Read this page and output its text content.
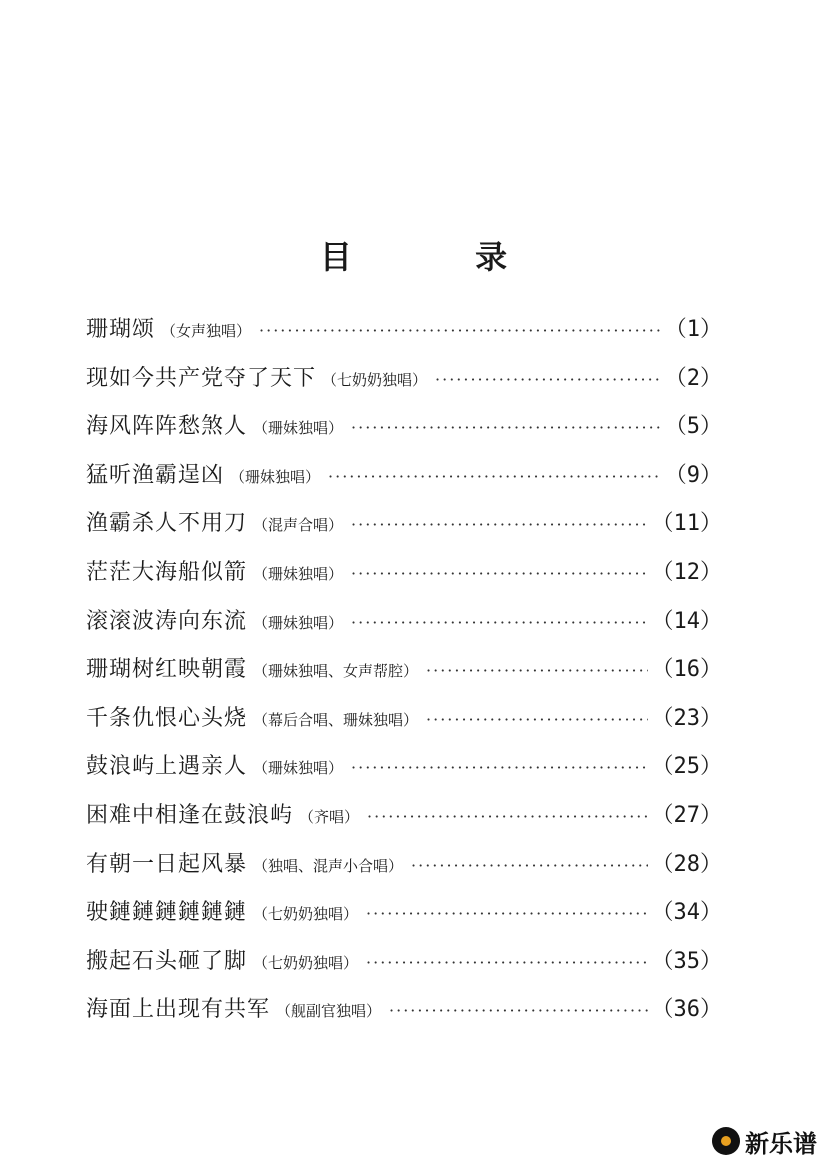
目 录
珊瑚颂 （女声独唱） ·····	（1）
现如今共产党夺了天下 （七奶奶独唱） ·····	（2）
海风阵阵愁煞人 （珊妹独唱） ·····	（5）
猛听渔霸逞凶 （珊妹独唱） ·····	（9）
渔霸杀人不用刀 （混声合唱） ·····	（11）
茫茫大海船似箭 （珊妹独唱） ·····	（12）
滚滚波涛向东流 （珊妹独唱） ·····	（14）
珊瑚树红映朝霞 （珊妹独唱、女声帮腔） ·····	（16）
千条仇恨心头烧 （幕后合唱、珊妹独唱） ·····	（23）
鼓浪屿上遇亲人 （珊妹独唱） ·····	（25）
困难中相逢在鼓浪屿 （齐唱） ·····	（27）
有朝一日起风暴 （独唱、混声小合唱） ·····	（28）
驶鏈鏈鏈鏈鏈鏈 （七奶奶独唱） ·····	（34）
搬起石头砸了脚 （七奶奶独唱） ·····	（35）
海面上出现有共军 （舰副官独唱） ·····	（36）
新乐谱
